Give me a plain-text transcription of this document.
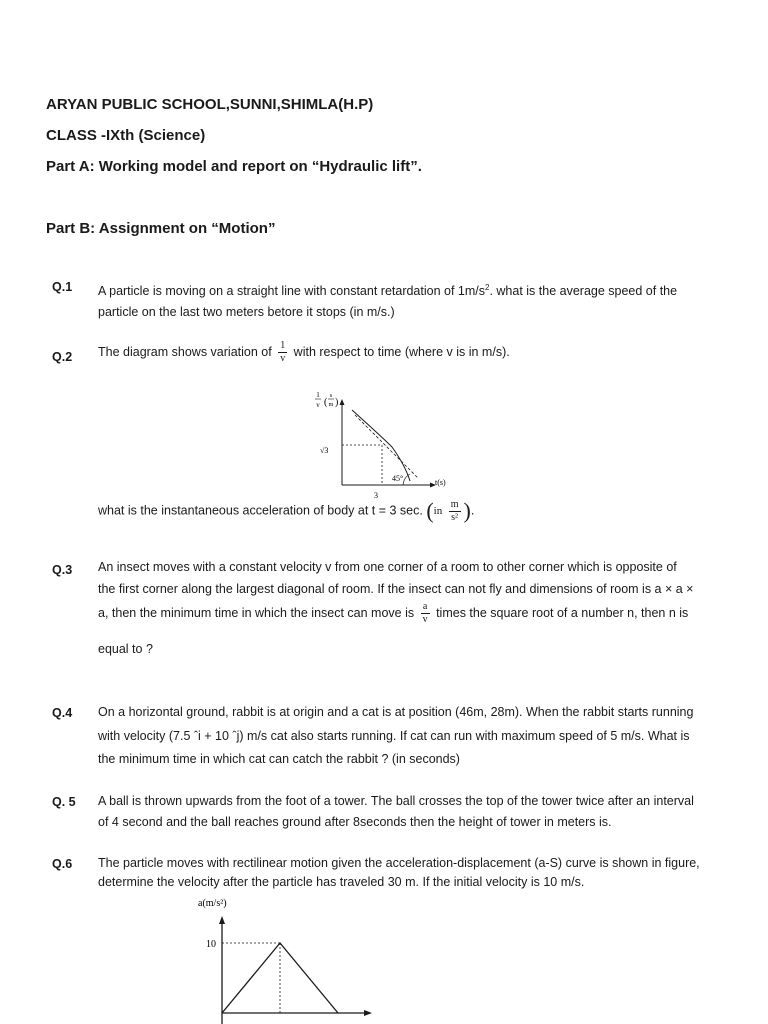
ARYAN PUBLIC SCHOOL,SUNNI,SHIMLA(H.P)
CLASS -IXth (Science)
Part A: Working model and report on “Hydraulic lift”.
Part B: Assignment on “Motion”
Q.1 A particle is moving on a straight line with constant retardation of $1m/s^2$. what is the average speed of the particle on the last two meters betore it stops (in m/s.)
Q.2 The diagram shows variation of $\frac{1}{v}$ with respect to time (where v is in m/s).
1
v (
s
m )
45°
√3
3
t(s)
what is the instantaneous acceleration of body at t = 3 sec. ($in \frac{m}{\text{s²}}$ ).
Q.3 An insect moves with a constant velocity v from one corner of a room to other corner which is opposite of
the first corner along the largest diagonal of room. If the insect can not fly and dimensions of room is a × a ×
a, then the minimum time in which the insect can move is $\frac{a}{v}$ times the square root of a number n, then n is
equal to ?
Q.4 On a horizontal ground, rabbit is at origin and a cat is at position (46m, 28m). When the rabbit starts running
with velocity (7.5 ˆi + 10 ˆj) m/s cat also starts running. If cat can run with maximum speed of 5 m/s. What is
the minimum time in which cat can catch the rabbit ? (in seconds)
Q. 5 A ball is thrown upwards from the foot of a tower. The ball crosses the top of the tower twice after an interval
of 4 second and the ball reaches ground after 8seconds then the height of tower in meters is.
Q.6 The particle moves with rectilinear motion given the acceleration-displacement (a-S) curve is shown in figure,
determine the velocity after the particle has traveled 30 m. If the initial velocity is 10 m/s.
a(m/s²)
10
